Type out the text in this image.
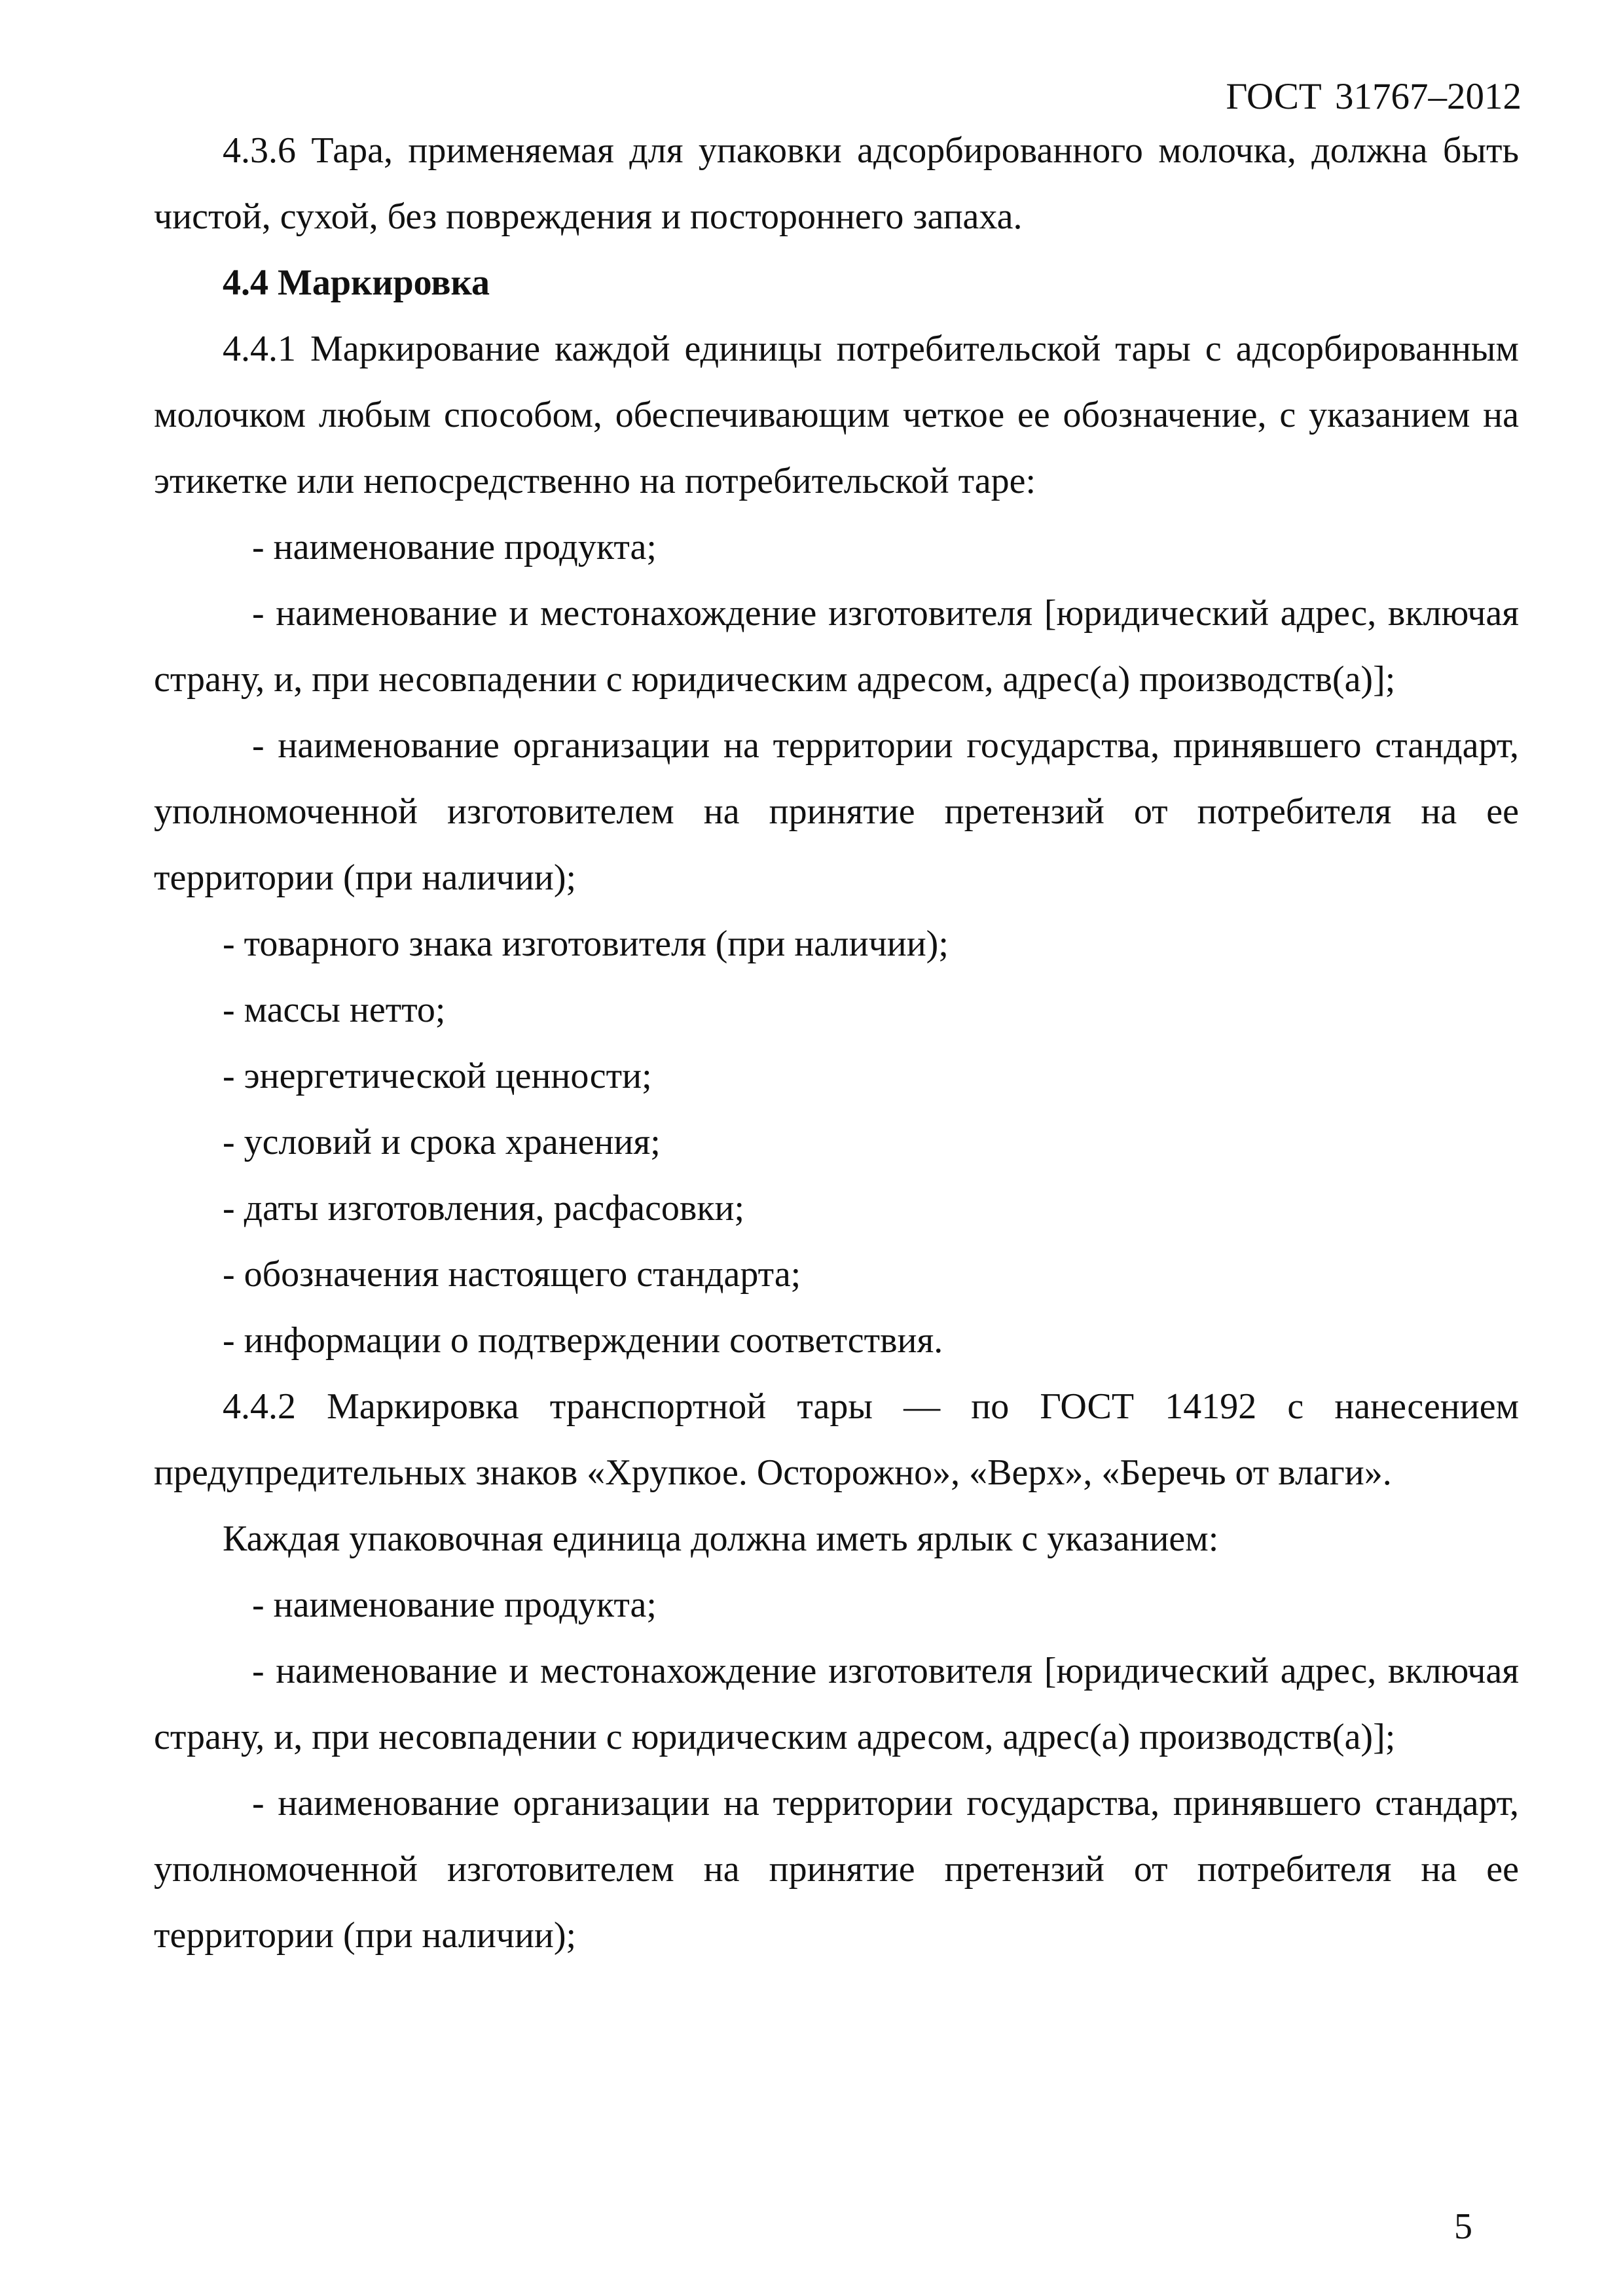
ГОСТ 31767–2012

4.3.6 Тара, применяемая для упаковки адсорбированного молочка, должна быть чистой, сухой, без повреждения и постороннего запаха.

4.4 Маркировка

4.4.1 Маркирование каждой единицы потребительской тары с адсорбированным молочком любым способом, обеспечивающим четкое ее обозначение, с указанием на этикетке или непосредственно на потребительской таре:

- наименование продукта;

- наименование и местонахождение изготовителя [юридический адрес, включая страну, и, при несовпадении с юридическим адресом, адрес(а) производств(а)];

- наименование организации на территории государства, принявшего стандарт, уполномоченной изготовителем на принятие претензий от потребителя на ее территории (при наличии);

- товарного знака изготовителя (при наличии);

- массы нетто;

- энергетической ценности;

- условий и срока хранения;

- даты изготовления, расфасовки;

- обозначения настоящего стандарта;

- информации о подтверждении соответствия.

4.4.2 Маркировка транспортной тары — по ГОСТ 14192 с нанесением предупредительных знаков «Хрупкое. Осторожно», «Верх», «Беречь от влаги».

Каждая упаковочная единица должна иметь ярлык с указанием:

- наименование продукта;

- наименование и местонахождение изготовителя [юридический адрес, включая страну, и, при несовпадении с юридическим адресом, адрес(а) производств(а)];

- наименование организации на территории государства, принявшего стандарт, уполномоченной изготовителем на принятие претензий от потребителя на ее территории (при наличии);

5
